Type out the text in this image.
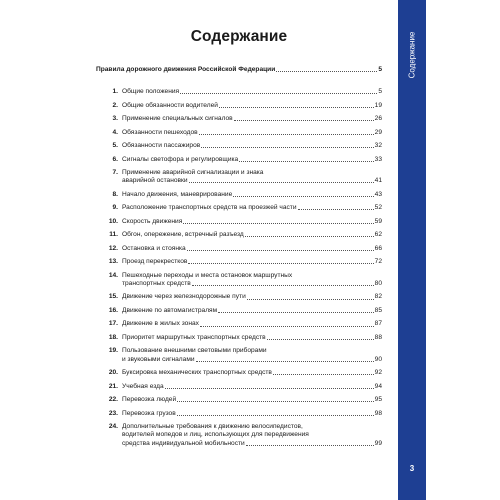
Содержание
3
Содержание
Правила дорожного движения Российской Федерации	5
1. Общие положения	5
2. Общие обязанности водителей	19
3. Применение специальных сигналов	26
4. Обязанности пешеходов	29
5. Обязанности пассажиров	32
6. Сигналы светофора и регулировщика	33
7. Применение аварийной сигнализации и знака
аварийной остановки	41
8. Начало движения, маневрирование	43
9. Расположение транспортных средств на проезжей части	52
10. Скорость движения	59
11. Обгон, опережение, встречный разъезд	62
12. Остановка и стоянка	66
13. Проезд перекрестков	72
14. Пешеходные переходы и места остановок маршрутных
транспортных средств	80
15. Движение через железнодорожные пути	82
16. Движение по автомагистралям	85
17. Движение в жилых зонах	87
18. Приоритет маршрутных транспортных средств	88
19. Пользование внешними световыми приборами
и звуковыми сигналами	90
20. Буксировка механических транспортных средств	92
21. Учебная езда	94
22. Перевозка людей	95
23. Перевозка грузов	98
24. Дополнительные требования к движению велосипедистов,
водителей мопедов и лиц, использующих для передвижения
средства индивидуальной мобильности	99
